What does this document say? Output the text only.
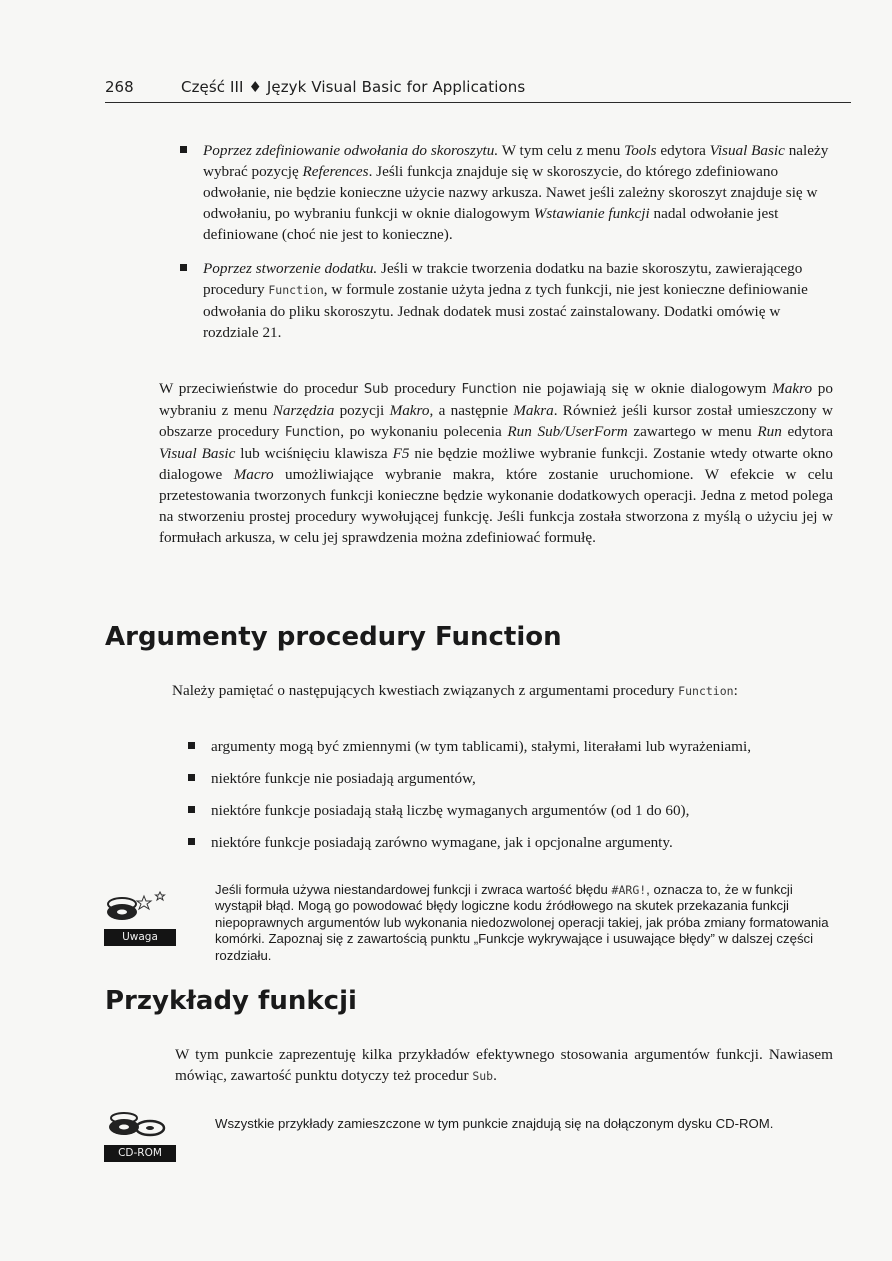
268	Część III ♦ Język Visual Basic for Applications
Poprzez zdefiniowanie odwołania do skoroszytu. W tym celu z menu Tools edytora Visual Basic należy wybrać pozycję References. Jeśli funkcja znajduje się w skoroszycie, do którego zdefiniowano odwołanie, nie będzie konieczne użycie nazwy arkusza. Nawet jeśli zależny skoroszyt znajduje się w odwołaniu, po wybraniu funkcji w oknie dialogowym Wstawianie funkcji nadal odwołanie jest definiowane (choć nie jest to konieczne).
Poprzez stworzenie dodatku. Jeśli w trakcie tworzenia dodatku na bazie skoroszytu, zawierającego procedury Function, w formule zostanie użyta jedna z tych funkcji, nie jest konieczne definiowanie odwołania do pliku skoroszytu. Jednak dodatek musi zostać zainstalowany. Dodatki omówię w rozdziale 21.

W przeciwieństwie do procedur Sub procedury Function nie pojawiają się w oknie dialogowym Makro po wybraniu z menu Narzędzia pozycji Makro, a następnie Makra. Również jeśli kursor został umieszczony w obszarze procedury Function, po wykonaniu polecenia Run Sub/UserForm zawartego w menu Run edytora Visual Basic lub wciśnięciu klawisza F5 nie będzie możliwe wybranie funkcji. Zostanie wtedy otwarte okno dialogowe Macro umożliwiające wybranie makra, które zostanie uruchomione. W efekcie w celu przetestowania tworzonych funkcji konieczne będzie wykonanie dodatkowych operacji. Jedna z metod polega na stworzeniu prostej procedury wywołującej funkcję. Jeśli funkcja została stworzona z myślą o użyciu jej w formułach arkusza, w celu jej sprawdzenia można zdefiniować formułę.

Argumenty procedury Function

Należy pamiętać o następujących kwestiach związanych z argumentami procedury Function:

argumenty mogą być zmiennymi (w tym tablicami), stałymi, literałami lub wyrażeniami,
niektóre funkcje nie posiadają argumentów,
niektóre funkcje posiadają stałą liczbę wymaganych argumentów (od 1 do 60),
niektóre funkcje posiadają zarówno wymagane, jak i opcjonalne argumenty.
Uwaga

Jeśli formuła używa niestandardowej funkcji i zwraca wartość błędu #ARG!, oznacza to, że w funkcji wystąpił błąd. Mogą go powodować błędy logiczne kodu źródłowego na skutek przekazania funkcji niepoprawnych argumentów lub wykonania niedozwolonej operacji takiej, jak próba zmiany formatowania komórki. Zapoznaj się z zawartością punktu „Funkcje wykrywające i usuwające błędy” w dalszej części rozdziału.

Przykłady funkcji

W tym punkcie zaprezentuję kilka przykładów efektywnego stosowania argumentów funkcji. Nawiasem mówiąc, zawartość punktu dotyczy też procedur Sub.

CD-ROM

Wszystkie przykłady zamieszczone w tym punkcie znajdują się na dołączonym dysku CD-ROM.
